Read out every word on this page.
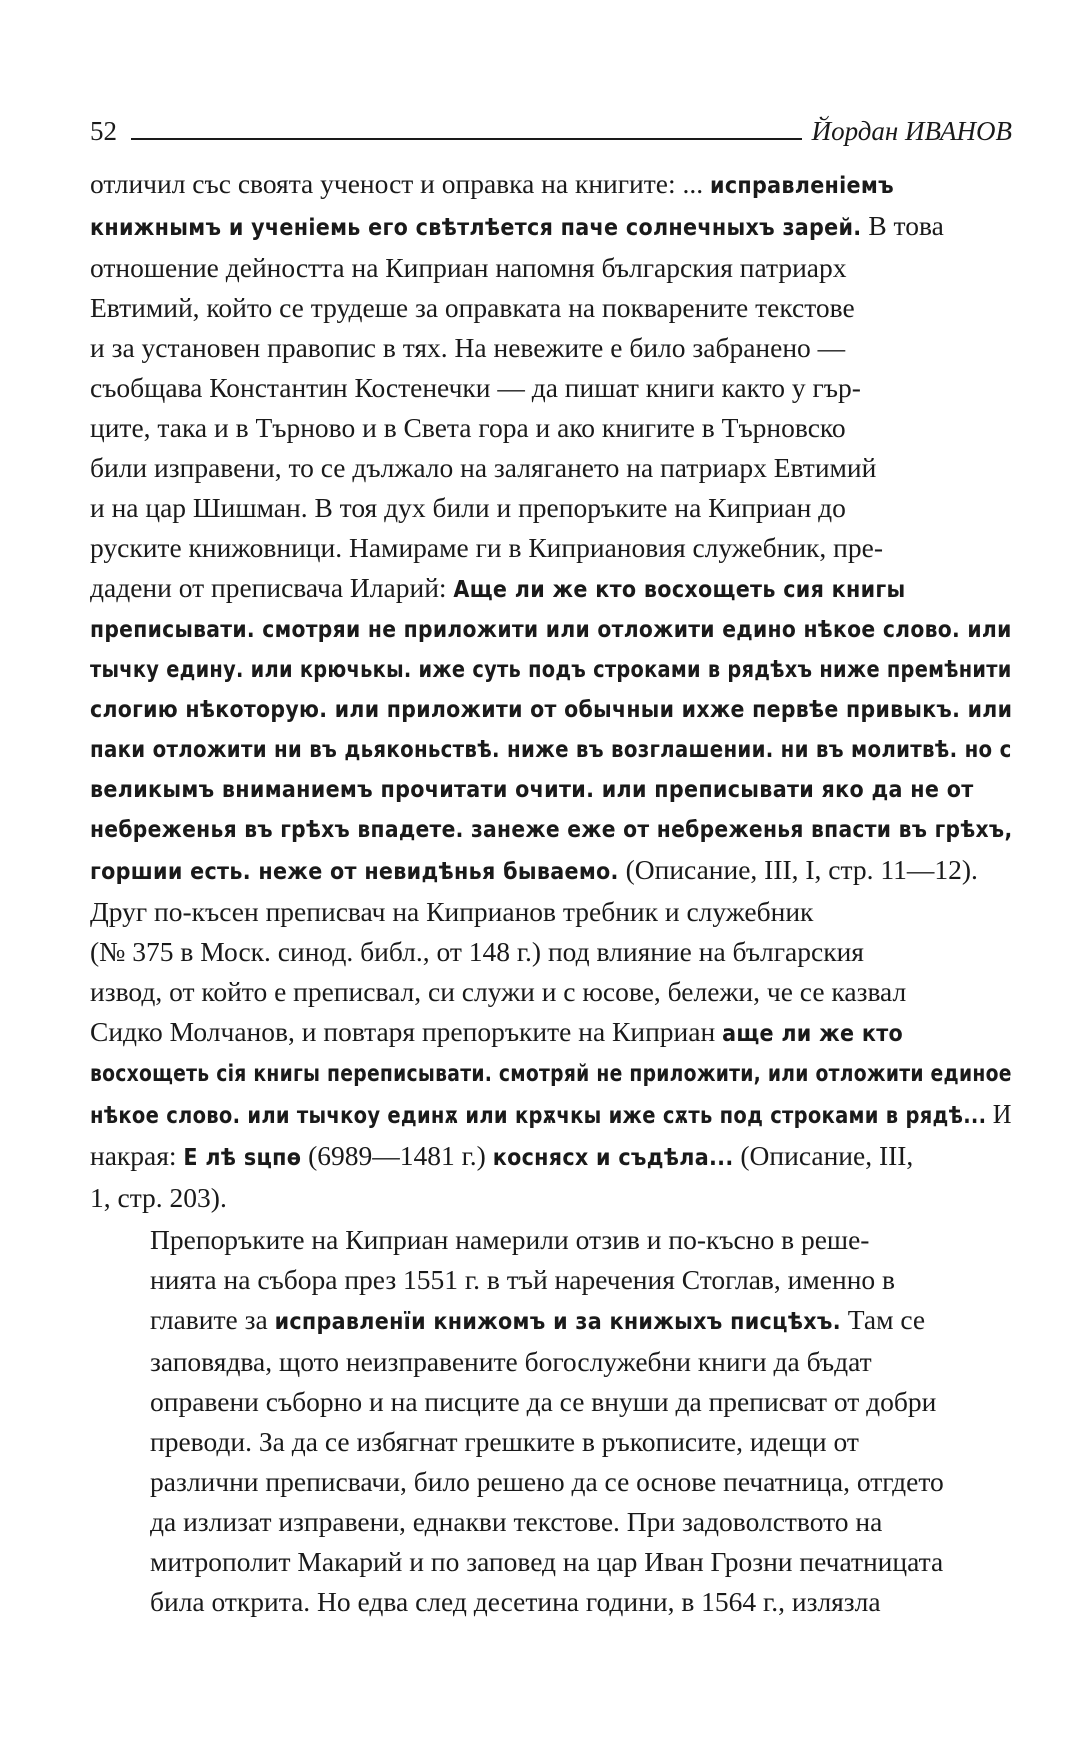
52	Йордан ИВАНОВ

отличил със своята ученост и оправка на книгите: ... исправленіемъ
книжнымъ и ученіемь его свѣтлѣется паче солнечныхъ зарей. В това
отношение дейността на Киприан напомня българския патриарх
Евтимий, който се трудеше за оправката на покварените текстове
и за установен правопис в тях. На невежите е било забранено —
съобщава Константин Костенечки — да пишат книги както у гър-
ците, така и в Търново и в Света гора и ако книгите в Търновско
били изправени, то се дължало на залягането на патриарх Евтимий
и на цар Шишман. В тоя дух били и препоръките на Киприан до
руските книжовници. Намираме ги в Киприановия служебник, пре-
дадени от преписвача Иларий: Аще ли же кто восхощеть сия книгы
преписывати. смотряи не приложити или отложити едино нѣкое слово. или
тычку едину. или крючькы. иже суть подъ строками в рядѣхъ ниже премѣнити
слогию нѣкоторую. или приложити от обычныи ихже первѣе привыкъ. или
паки отложити ни въ дьяконьствѣ. ниже въ возглашении. ни въ молитвѣ. но с
великымъ вниманиемъ прочитати очити. или преписывати яко да не от
небреженья въ грѣхъ впадете. занеже еже от небреженья впасти въ грѣхъ,
горшии есть. неже от невидѣнья бываемо. (Описание, III, I, стр. 11—12).
Друг по-късен преписвач на Киприанов требник и служебник
(№ 375 в Моск. синод. библ., от 148 г.) под влияние на българския
извод, от който е преписвал, си служи и с юсове, бележи, че се казвал
Сидко Молчанов, и повтаря препоръките на Киприан аще ли же кто
восхощеть сія книгы переписывати. смотряй не приложити, или отложити единое
нѣкое слово. или тычкоу единѫ или крѫчкы иже сѫть под строками в рядѣ... И
накрая: Е лѣ ѕцпѳ (6989—1481 г.) коснясх и съдѣла... (Описание, III,
1, стр. 203).

Препоръките на Киприан намерили отзив и по-късно в реше-
нията на събора през 1551 г. в тъй наречения Стоглав, именно в
главите за исправленїи книжомъ и за книжыхъ писцѣхъ. Там се
заповядва, щото неизправените богослужебни книги да бъдат
оправени съборно и на писците да се внуши да преписват от добри
преводи. За да се избягнат грешките в ръкописите, идещи от
различни преписвачи, било решено да се основе печатница, отгдето
да излизат изправени, еднакви текстове. При задоволството на
митрополит Макарий и по заповед на цар Иван Грозни печатницата
била открита. Но едва след десетина години, в 1564 г., излязла
